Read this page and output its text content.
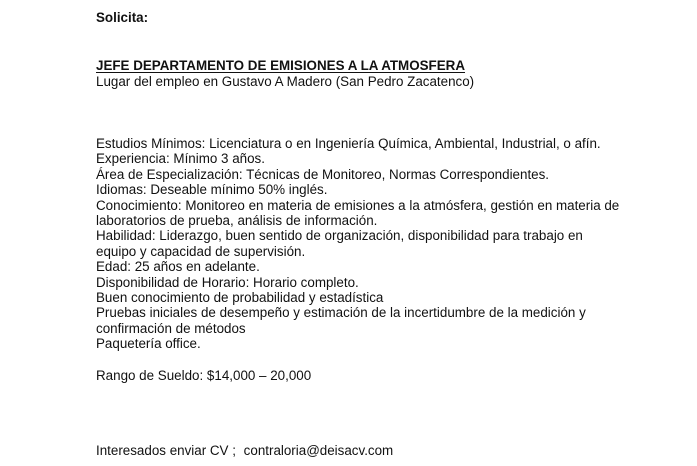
Solicita:
JEFE DEPARTAMENTO DE EMISIONES A LA ATMOSFERA
Lugar del empleo en Gustavo A Madero (San Pedro Zacatenco)
Estudios Mínimos: Licenciatura o en Ingeniería Química, Ambiental, Industrial, o afín.
Experiencia: Mínimo 3 años.
Área de Especialización: Técnicas de Monitoreo, Normas Correspondientes.
Idiomas: Deseable mínimo 50% inglés.
Conocimiento: Monitoreo en materia de emisiones a la atmósfera, gestión en materia de
laboratorios de prueba, análisis de información.
Habilidad: Liderazgo, buen sentido de organización, disponibilidad para trabajo en
equipo y capacidad de supervisión.
Edad: 25 años en adelante.
Disponibilidad de Horario: Horario completo.
Buen conocimiento de probabilidad y estadística
Pruebas iniciales de desempeño y estimación de la incertidumbre de la medición y
confirmación de métodos
Paquetería office.
Rango de Sueldo: $14,000 – 20,000
Interesados enviar CV ; contraloria@deisacv.com
